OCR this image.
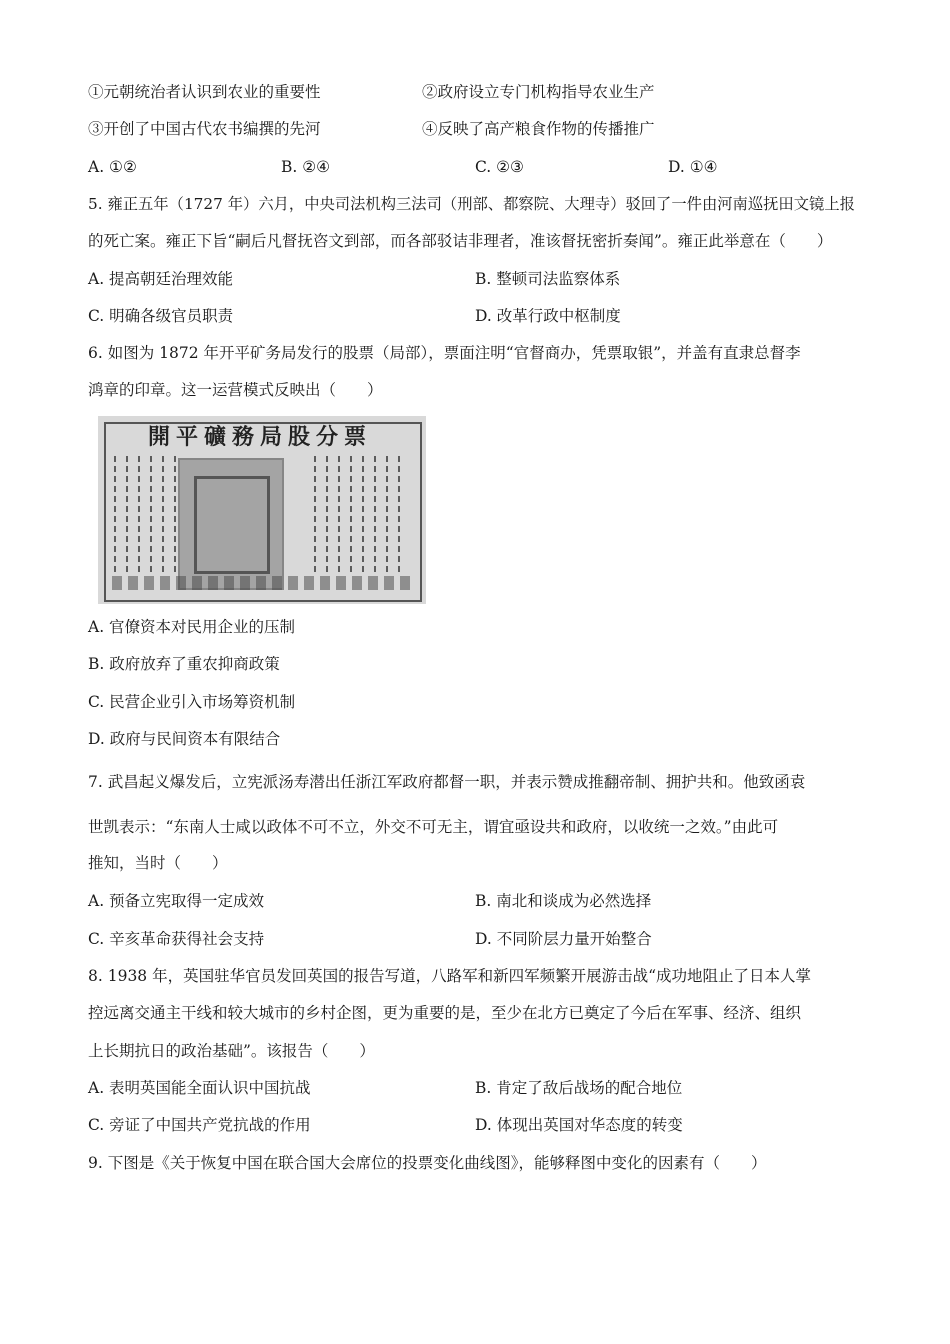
①元朝统治者认识到农业的重要性	②政府设立专门机构指导农业生产
③开创了中国古代农书编撰的先河	④反映了高产粮食作物的传播推广
A. ①②	B. ②④	C. ②③	D. ①④
5. 雍正五年（1727 年）六月，中央司法机构三法司（刑部、都察院、大理寺）驳回了一件由河南巡抚田文镜上报
的死亡案。雍正下旨“嗣后凡督抚咨文到部，而各部驳诘非理者，准该督抚密折奏闻”。雍正此举意在（　　）
A. 提高朝廷治理效能	B. 整顿司法监察体系
C. 明确各级官员职责	D. 改革行政中枢制度
6. 如图为 1872 年开平矿务局发行的股票（局部），票面注明“官督商办，凭票取银”，并盖有直隶总督李
鸿章的印章。这一运营模式反映出（　　）
開平礦務局股分票
A. 官僚资本对民用企业的压制
B. 政府放弃了重农抑商政策
C. 民营企业引入市场筹资机制
D. 政府与民间资本有限结合
7. 武昌起义爆发后，立宪派汤寿潜出任浙江军政府都督一职，并表示赞成推翻帝制、拥护共和。他致函袁
世凯表示：“东南人士咸以政体不可不立，外交不可无主，谓宜亟设共和政府，以收统一之效。”由此可
推知，当时（　　）
A. 预备立宪取得一定成效	B. 南北和谈成为必然选择
C. 辛亥革命获得社会支持	D. 不同阶层力量开始整合
8. 1938 年，英国驻华官员发回英国的报告写道，八路军和新四军频繁开展游击战“成功地阻止了日本人掌
控远离交通主干线和较大城市的乡村企图，更为重要的是，至少在北方已奠定了今后在军事、经济、组织
上长期抗日的政治基础”。该报告（　　）
A. 表明英国能全面认识中国抗战	B. 肯定了敌后战场的配合地位
C. 旁证了中国共产党抗战的作用	D. 体现出英国对华态度的转变
9. 下图是《关于恢复中国在联合国大会席位的投票变化曲线图》，能够释图中变化的因素有（　　）
